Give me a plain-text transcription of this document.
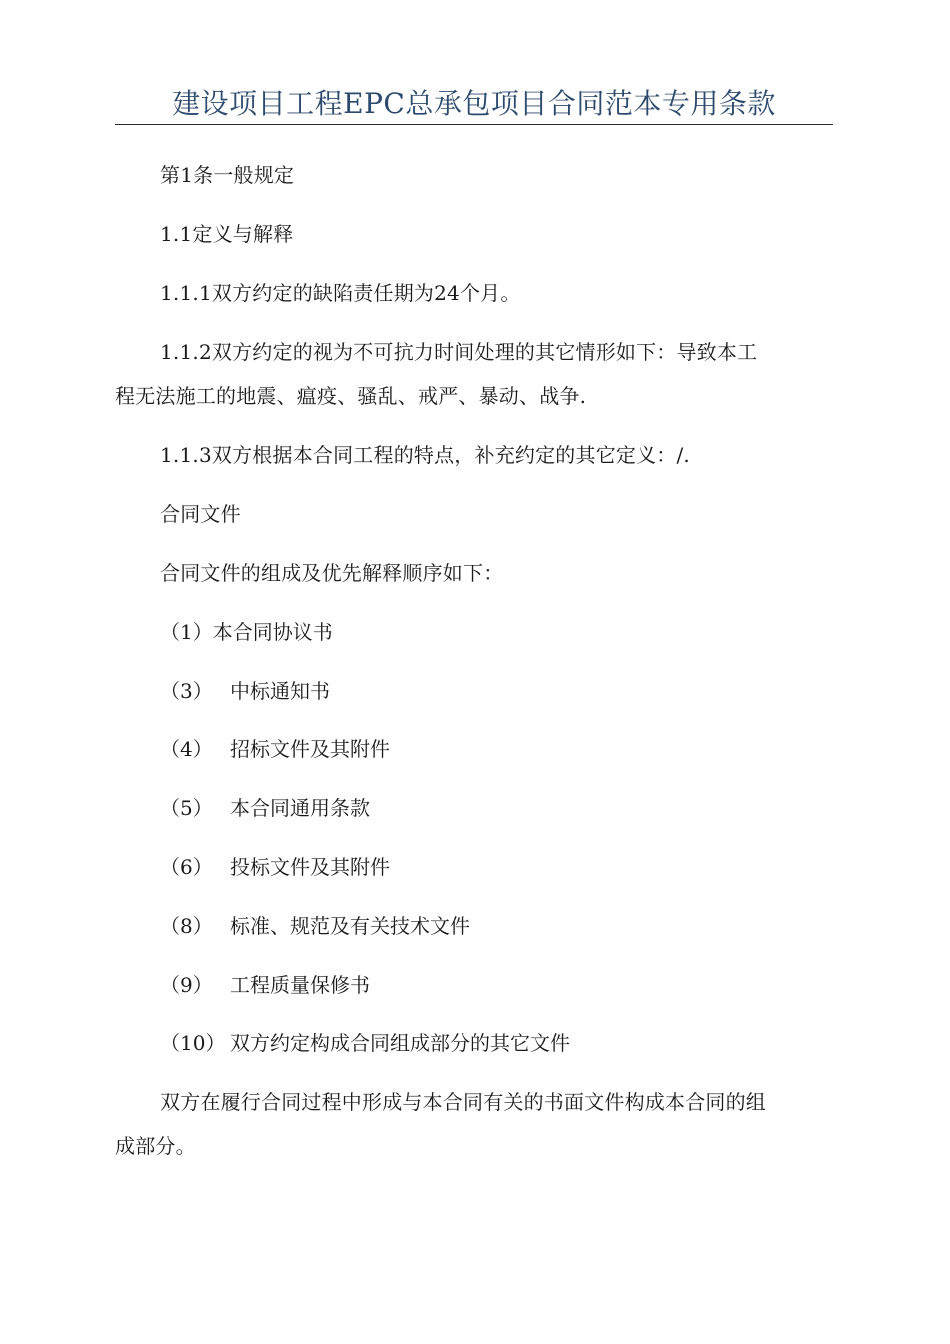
建设项目工程EPC总承包项目合同范本专用条款
第1条一般规定
1.1定义与解释
1.1.1双方约定的缺陷责任期为24个月。
1.1.2双方约定的视为不可抗力时间处理的其它情形如下：导致本工
程无法施工的地震、瘟疫、骚乱、戒严、暴动、战争.
1.1.3双方根据本合同工程的特点，补充约定的其它定义：/.
合同文件
合同文件的组成及优先解释顺序如下：
（1）本合同协议书
（3） 中标通知书
（4） 招标文件及其附件
（5） 本合同通用条款
（6） 投标文件及其附件
（8） 标准、规范及有关技术文件
（9） 工程质量保修书
（10） 双方约定构成合同组成部分的其它文件
双方在履行合同过程中形成与本合同有关的书面文件构成本合同的组
成部分。
